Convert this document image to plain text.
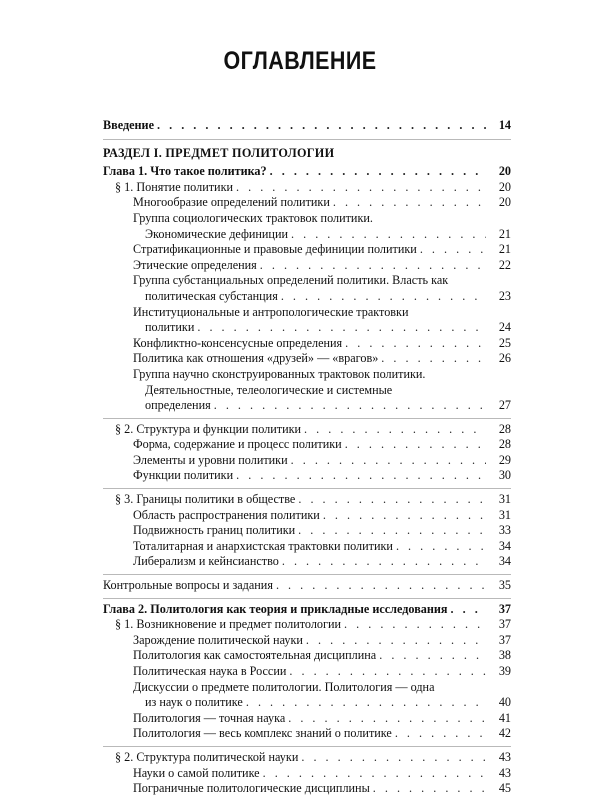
ОГЛАВЛЕНИЕ
Введение . . .	14
РАЗДЕЛ I. ПРЕДМЕТ ПОЛИТОЛОГИИ
Глава 1. Что такое политика? . . .	20
§ 1. Понятие политики . . .	20
Многообразие определений политики . . .	20
Группа социологических трактовок политики.
Экономические дефиниции . . .	21
Стратификационные и правовые дефиниции политики . . .	21
Этические определения . . .	22
Группа субстанциальных определений политики. Власть как
политическая субстанция . . .	23
Институциональные и антропологические трактовки
политики . . .	24
Конфликтно-консенсусные определения . . .	25
Политика как отношения «друзей» — «врагов» . . .	26
Группа научно сконструированных трактовок политики.
Деятельностные, телеологические и системные
определения . . .	27
§ 2. Структура и функции политики . . .	28
Форма, содержание и процесс политики . . .	28
Элементы и уровни политики . . .	29
Функции политики . . .	30
§ 3. Границы политики в обществе . . .	31
Область распространения политики . . .	31
Подвижность границ политики . . .	33
Тоталитарная и анархистская трактовки политики . . .	34
Либерализм и кейнсианство . . .	34
Контрольные вопросы и задания . . .	35
Глава 2. Политология как теория и прикладные исследования . . .	37
§ 1. Возникновение и предмет политологии . . .	37
Зарождение политической науки . . .	37
Политология как самостоятельная дисциплина . . .	38
Политическая наука в России . . .	39
Дискуссии о предмете политологии. Политология — одна
из наук о политике . . .	40
Политология — точная наука . . .	41
Политология — весь комплекс знаний о политике . . .	42
§ 2. Структура политической науки . . .	43
Науки о самой политике . . .	43
Пограничные политологические дисциплины . . .	45
